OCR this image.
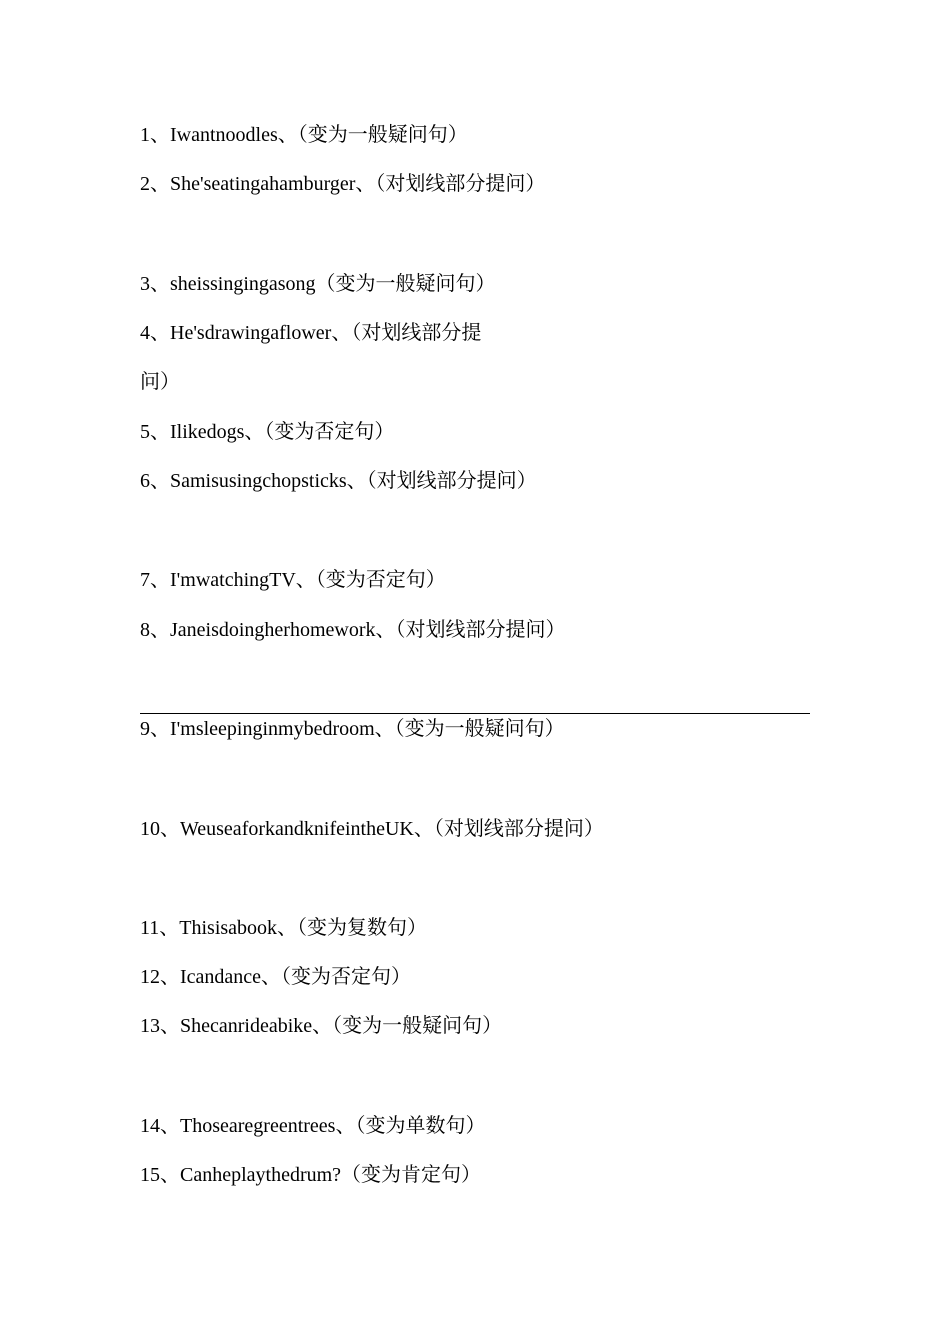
1、Iwantnoodles、（变为一般疑问句）
2、She'seatingahamburger、（对划线部分提问）
3、sheissingingasong（变为一般疑问句）
4、He'sdrawingaflower、（对划线部分提
问）
5、Ilikedogs、（变为否定句）
6、Samisusingchopsticks、（对划线部分提问）
7、I'mwatchingTV、（变为否定句）
8、Janeisdoingherhomework、（对划线部分提问）
9、I'msleepinginmybedroom、（变为一般疑问句）
10、WeuseaforkandknifeintheUK、（对划线部分提问）
11、Thisisabook、（变为复数句）
12、Icandance、（变为否定句）
13、Shecanrideabike、（变为一般疑问句）
14、Thosearegreentrees、（变为单数句）
15、Canheplaythedrum?（变为肯定句）
